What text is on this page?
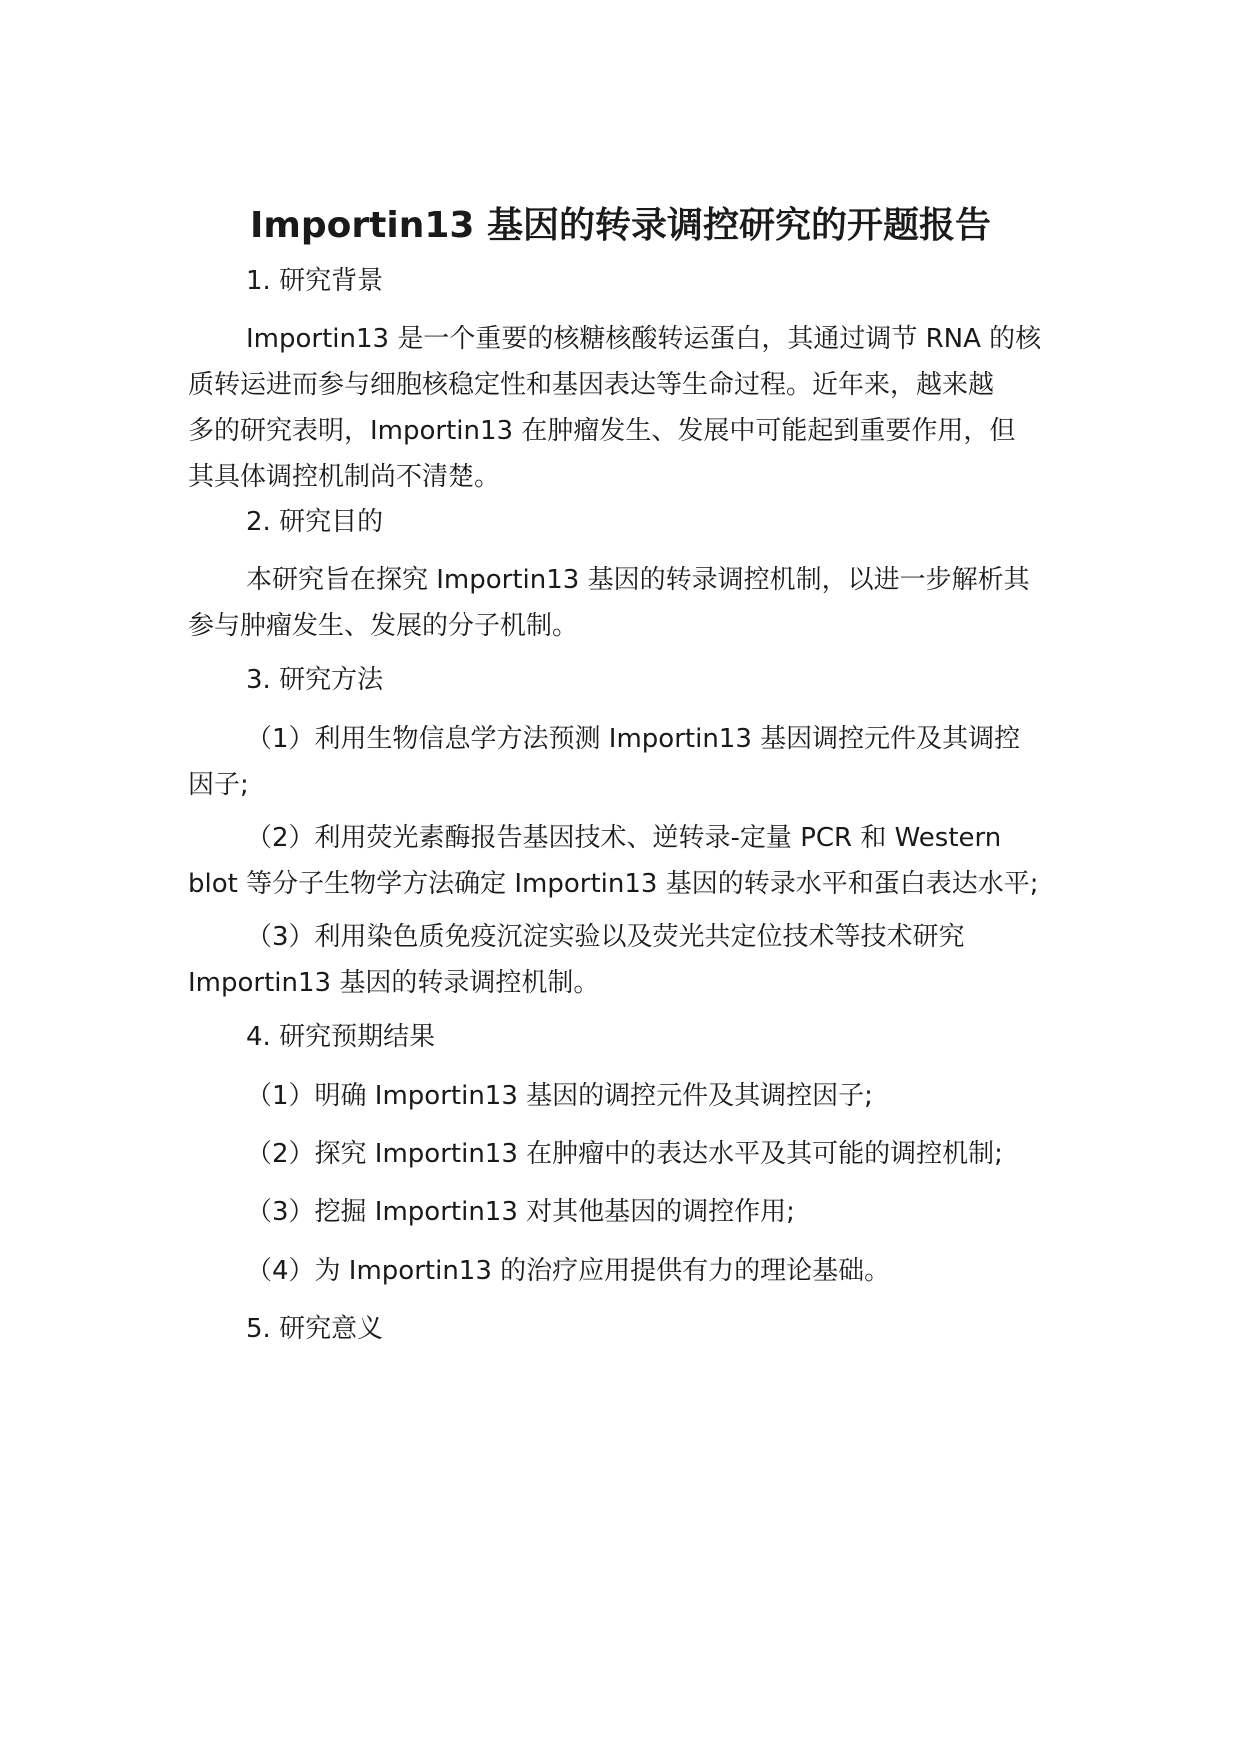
Importin13 基因的转录调控研究的开题报告

1. 研究背景

Importin13 是一个重要的核糖核酸转运蛋白，其通过调节 RNA 的核
质转运进而参与细胞核稳定性和基因表达等生命过程。近年来，越来越
多的研究表明，Importin13 在肿瘤发生、发展中可能起到重要作用，但
其具体调控机制尚不清楚。

2. 研究目的

本研究旨在探究 Importin13 基因的转录调控机制，以进一步解析其
参与肿瘤发生、发展的分子机制。

3. 研究方法

（1）利用生物信息学方法预测 Importin13 基因调控元件及其调控
因子;

（2）利用荧光素酶报告基因技术、逆转录-定量 PCR 和 Western
blot 等分子生物学方法确定 Importin13 基因的转录水平和蛋白表达水平;

（3）利用染色质免疫沉淀实验以及荧光共定位技术等技术研究
Importin13 基因的转录调控机制。

4. 研究预期结果

（1）明确 Importin13 基因的调控元件及其调控因子;

（2）探究 Importin13 在肿瘤中的表达水平及其可能的调控机制;

（3）挖掘 Importin13 对其他基因的调控作用;

（4）为 Importin13 的治疗应用提供有力的理论基础。

5. 研究意义
